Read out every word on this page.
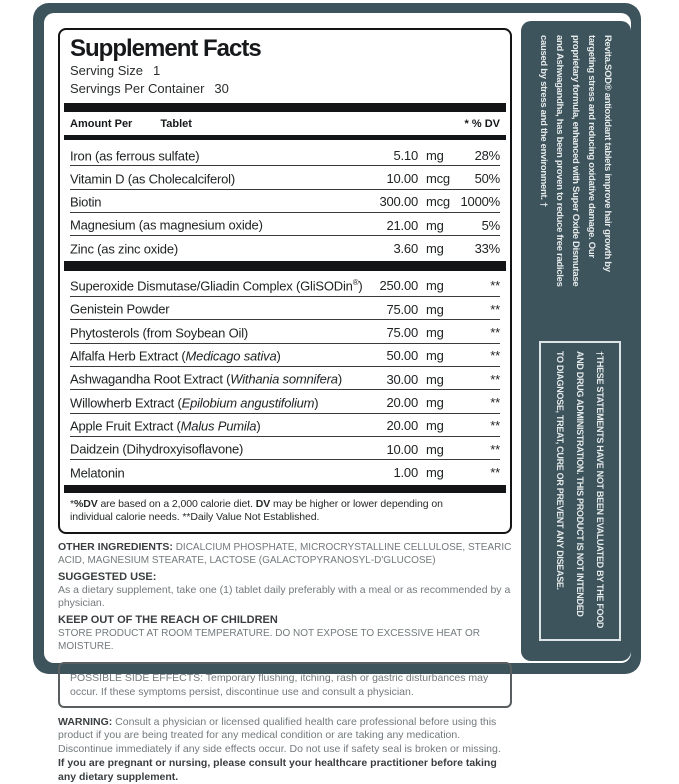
Supplement Facts
Serving Size 1
Servings Per Container 30
Amount Per	Tablet	* % DV
Iron (as ferrous sulfate)	5.10 mg	28%
Vitamin D (as Cholecalciferol)	10.00 mcg	50%
Biotin	300.00 mcg 1000%
Magnesium (as magnesium oxide)	21.00 mg	5%
Zinc (as zinc oxide)	3.60 mg	33%
Superoxide Dismutase/Gliadin Complex (GliSODin®)	250.00 mg	**
Genistein Powder	75.00 mg	**
Phytosterols (from Soybean Oil)	75.00 mg	**
Alfalfa Herb Extract (Medicago sativa)	50.00 mg	**
Ashwagandha Root Extract (Withania somnifera)	30.00 mg	**
Willowherb Extract (Epilobium angustifolium)	20.00 mg	**
Apple Fruit Extract (Malus Pumila)	20.00 mg	**
Daidzein (Dihydroxyisoflavone)	10.00 mg	**
Melatonin	1.00 mg	**
*%DV are based on a 2,000 calorie diet. DV may be higher or lower depending on
individual calorie needs. **Daily Value Not Established.
OTHER INGREDIENTS: DICALCIUM PHOSPHATE, MICROCRYSTALLINE CELLULOSE, STEARIC ACID, MAGNESIUM STEARATE, LACTOSE (GALACTOPYRANOSYL-D'GLUCOSE)
SUGGESTED USE:
As a dietary supplement, take one (1) tablet daily preferably with a meal or as recommended by a physician.
KEEP OUT OF THE REACH OF CHILDREN
STORE PRODUCT AT ROOM TEMPERATURE. DO NOT EXPOSE TO EXCESSIVE HEAT OR MOISTURE.
POSSIBLE SIDE EFFECTS: Temporary flushing, itching, rash or gastric disturbances may occur. If these symptoms persist, discontinue use and consult a physician.
WARNING: Consult a physician or licensed qualified health care professional before using this product if you are being treated for any medical condition or are taking any medication. Discontinue immediately if any side effects occur. Do not use if safety seal is broken or missing.
If you are pregnant or nursing, please consult your healthcare practitioner before taking any dietary supplement.
Revita.SOD® antioxidant tablets improve hair growth by
targeting stress and reducing oxidative damage. Our
proprietary formula, enhanced with Super Oxide Dismutase
and Ashwagandha, has been proven to reduce free radicles
caused by stress and the environment. †
†THESE STATEMENTS HAVE NOT BEEN EVALUATED BY THE FOOD
AND DRUG ADMINISTRATION. THIS PRODUCT IS NOT INTENDED
TO DIAGNOSE, TREAT, CURE OR PREVENT ANY DISEASE.
